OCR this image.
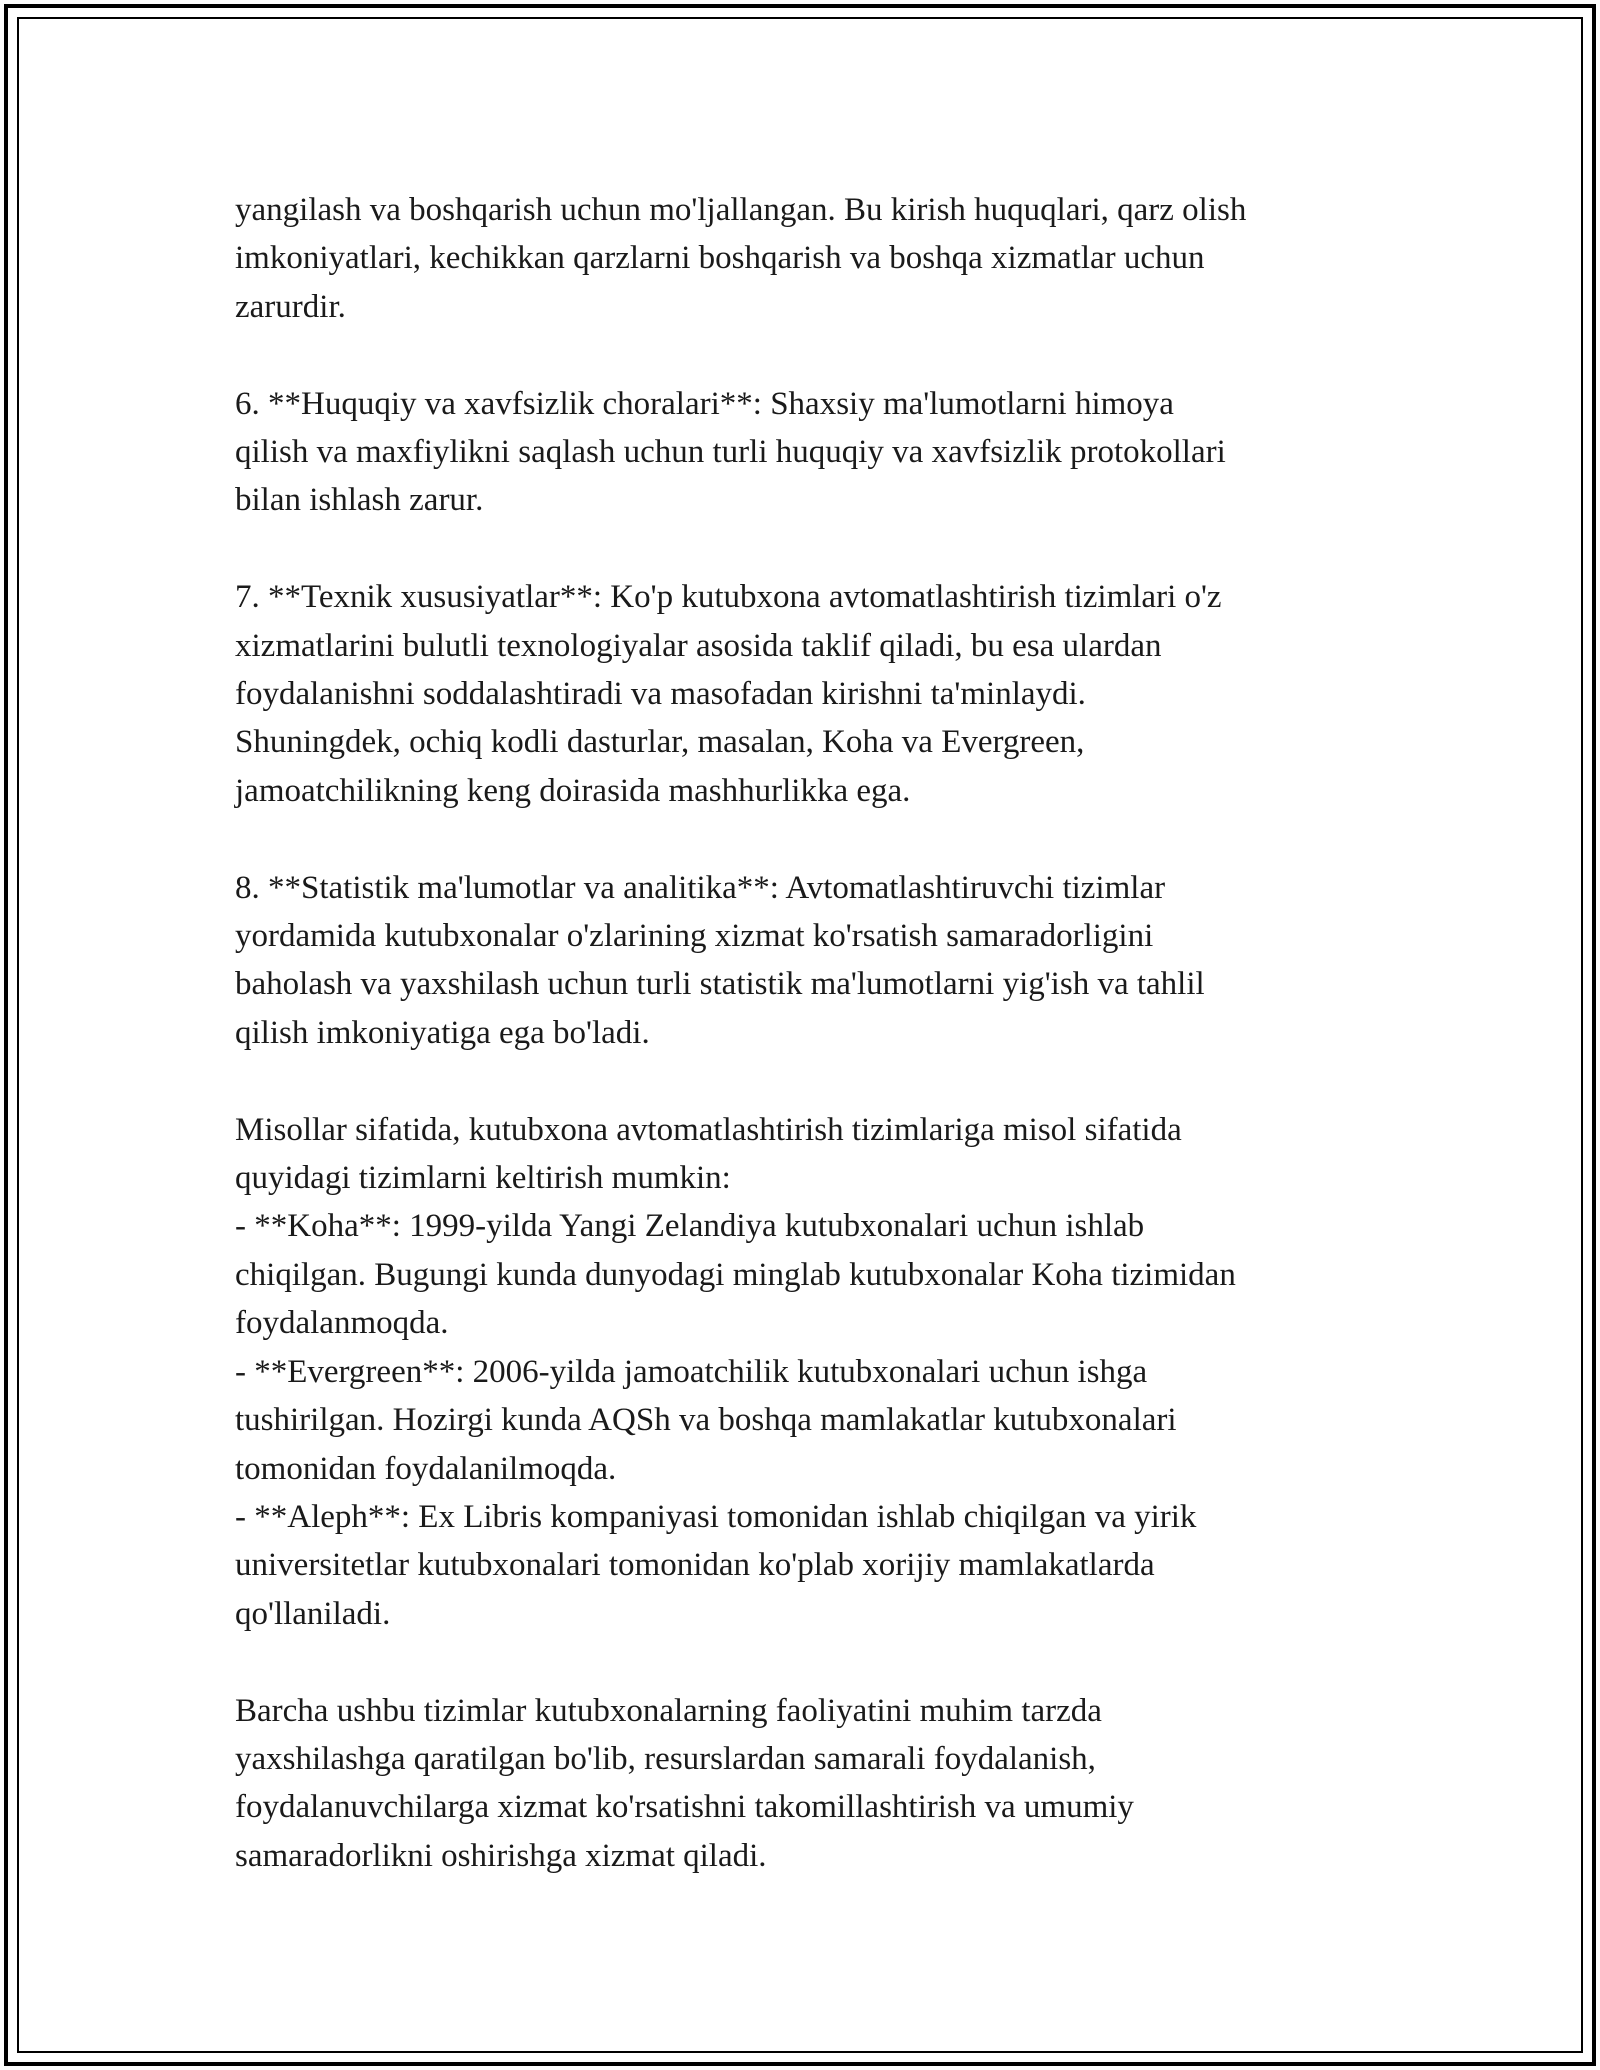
yangilash va boshqarish uchun mo'ljallangan. Bu kirish huquqlari, qarz olish
imkoniyatlari, kechikkan qarzlarni boshqarish va boshqa xizmatlar uchun
zarurdir.

6. **Huquqiy va xavfsizlik choralari**: Shaxsiy ma'lumotlarni himoya
qilish va maxfiylikni saqlash uchun turli huquqiy va xavfsizlik protokollari
bilan ishlash zarur.

7. **Texnik xususiyatlar**: Ko'p kutubxona avtomatlashtirish tizimlari o'z
xizmatlarini bulutli texnologiyalar asosida taklif qiladi, bu esa ulardan
foydalanishni soddalashtiradi va masofadan kirishni ta'minlaydi.
Shuningdek, ochiq kodli dasturlar, masalan, Koha va Evergreen,
jamoatchilikning keng doirasida mashhurlikka ega.

8. **Statistik ma'lumotlar va analitika**: Avtomatlashtiruvchi tizimlar
yordamida kutubxonalar o'zlarining xizmat ko'rsatish samaradorligini
baholash va yaxshilash uchun turli statistik ma'lumotlarni yig'ish va tahlil
qilish imkoniyatiga ega bo'ladi.

Misollar sifatida, kutubxona avtomatlashtirish tizimlariga misol sifatida
quyidagi tizimlarni keltirish mumkin:
- **Koha**: 1999-yilda Yangi Zelandiya kutubxonalari uchun ishlab
chiqilgan. Bugungi kunda dunyodagi minglab kutubxonalar Koha tizimidan
foydalanmoqda.
- **Evergreen**: 2006-yilda jamoatchilik kutubxonalari uchun ishga
tushirilgan. Hozirgi kunda AQSh va boshqa mamlakatlar kutubxonalari
tomonidan foydalanilmoqda.
- **Aleph**: Ex Libris kompaniyasi tomonidan ishlab chiqilgan va yirik
universitetlar kutubxonalari tomonidan ko'plab xorijiy mamlakatlarda
qo'llaniladi.

Barcha ushbu tizimlar kutubxonalarning faoliyatini muhim tarzda
yaxshilashga qaratilgan bo'lib, resurslardan samarali foydalanish,
foydalanuvchilarga xizmat ko'rsatishni takomillashtirish va umumiy
samaradorlikni oshirishga xizmat qiladi.
